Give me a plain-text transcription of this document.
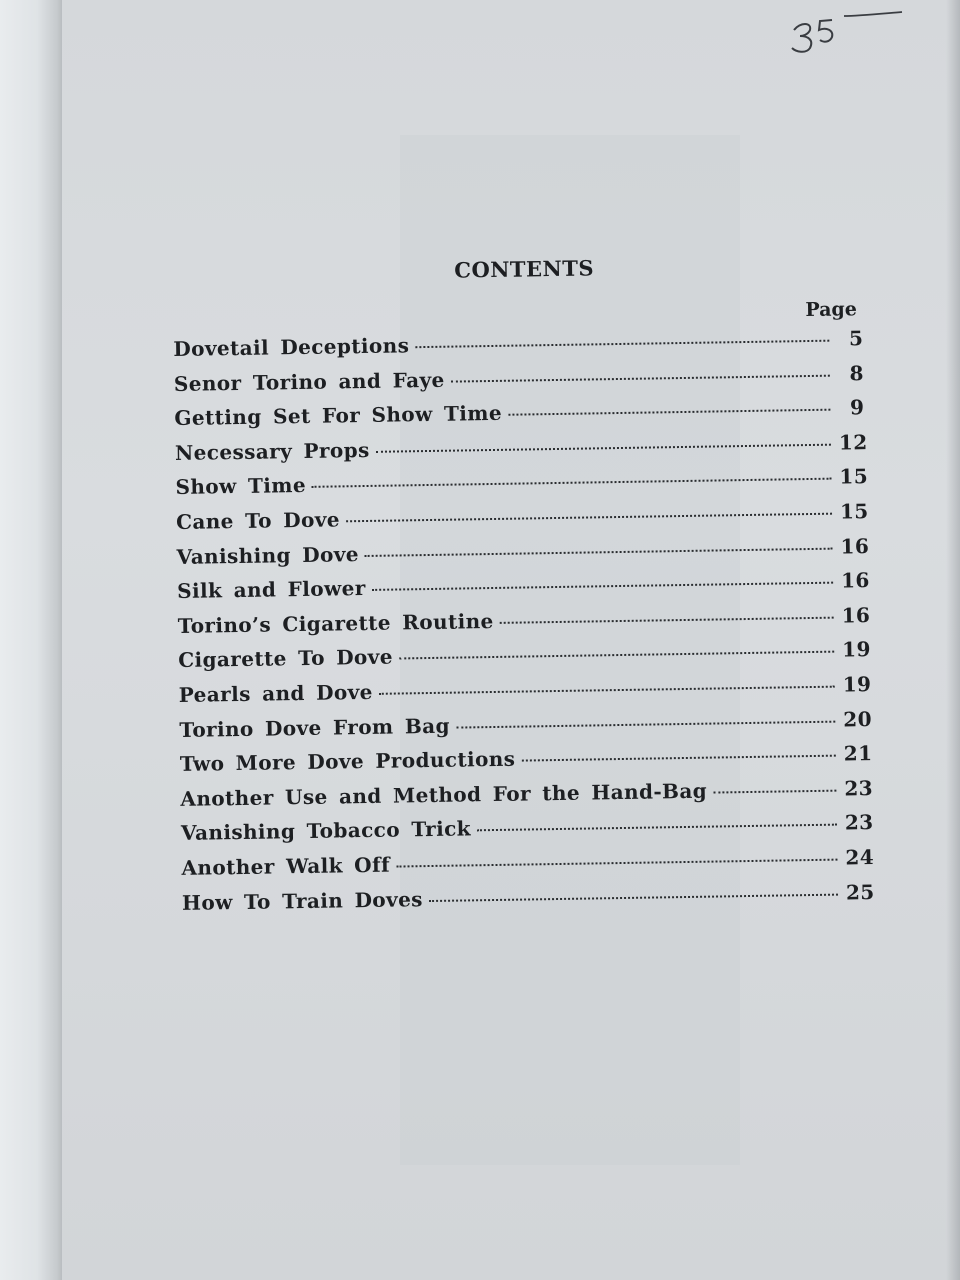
CONTENTS
Page
Dovetail Deceptions	5
Senor Torino and Faye	8
Getting Set For Show Time	9
Necessary Props	12
Show Time	15
Cane To Dove	15
Vanishing Dove	16
Silk and Flower	16
Torino’s Cigarette Routine	16
Cigarette To Dove	19
Pearls and Dove	19
Torino Dove From Bag	20
Two More Dove Productions	21
Another Use and Method For the Hand-Bag	23
Vanishing Tobacco Trick	23
Another Walk Off	24
How To Train Doves	25
